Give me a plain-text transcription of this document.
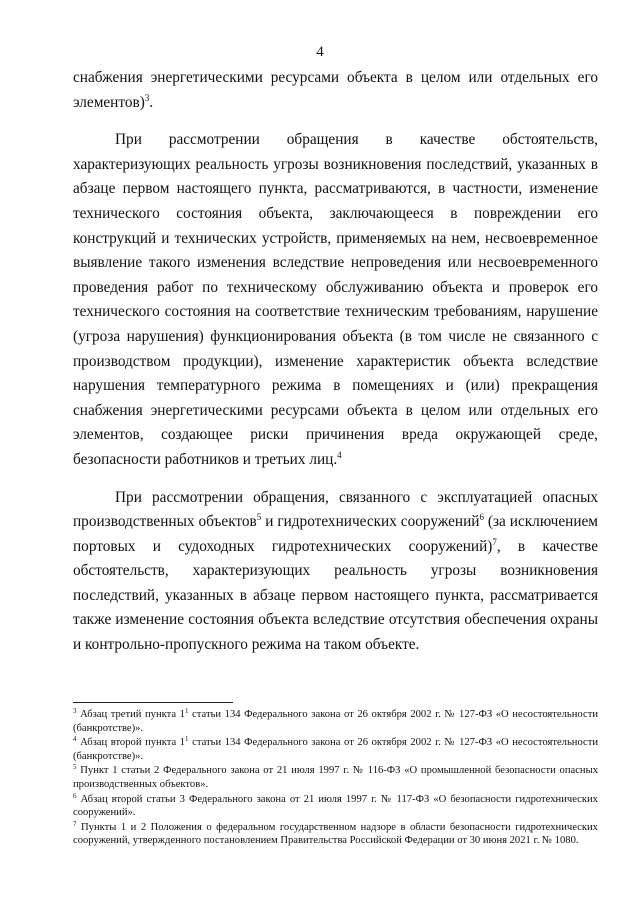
4

снабжения энергетическими ресурсами объекта в целом или отдельных его элементов)$^3$.

При рассмотрении обращения в качестве обстоятельств, характеризующих реальность угрозы возникновения последствий, указанных в абзаце первом настоящего пункта, рассматриваются, в частности, изменение технического состояния объекта, заключающееся в повреждении его конструкций и технических устройств, применяемых на нем, несвоевременное выявление такого изменения вследствие непроведения или несвоевременного проведения работ по техническому обслуживанию объекта и проверок его технического состояния на соответствие техническим требованиям, нарушение (угроза нарушения) функционирования объекта (в том числе не связанного с производством продукции), изменение характеристик объекта вследствие нарушения температурного режима в помещениях и (или) прекращения снабжения энергетическими ресурсами объекта в целом или отдельных его элементов, создающее риски причинения вреда окружающей среде, безопасности работников и третьих лиц.$^4$

При рассмотрении обращения, связанного с эксплуатацией опасных производственных объектов$^5$ и гидротехнических сооружений$^6$ (за исключением портовых и судоходных гидротехнических сооружений)$^7$, в качестве обстоятельств, характеризующих реальность угрозы возникновения последствий, указанных в абзаце первом настоящего пункта, рассматривается также изменение состояния объекта вследствие отсутствия обеспечения охраны и контрольно-пропускного режима на таком объекте.

$^3$ Абзац третий пункта $1^1$ статьи 134 Федерального закона от 26 октября 2002 г. № 127-ФЗ «О несостоятельности (банкротстве)».

$^4$ Абзац второй пункта $1^1$ статьи 134 Федерального закона от 26 октября 2002 г. № 127-ФЗ «О несостоятельности (банкротстве)».

$^5$ Пункт 1 статьи 2 Федерального закона от 21 июля 1997 г. № 116-ФЗ «О промышленной безопасности опасных производственных объектов».

$^6$ Абзац второй статьи 3 Федерального закона от 21 июля 1997 г. № 117-ФЗ «О безопасности гидротехнических сооружений».

$^7$ Пункты 1 и 2 Положения о федеральном государственном надзоре в области безопасности гидротехнических сооружений, утвержденного постановлением Правительства Российской Федерации от 30 июня 2021 г. № 1080.
